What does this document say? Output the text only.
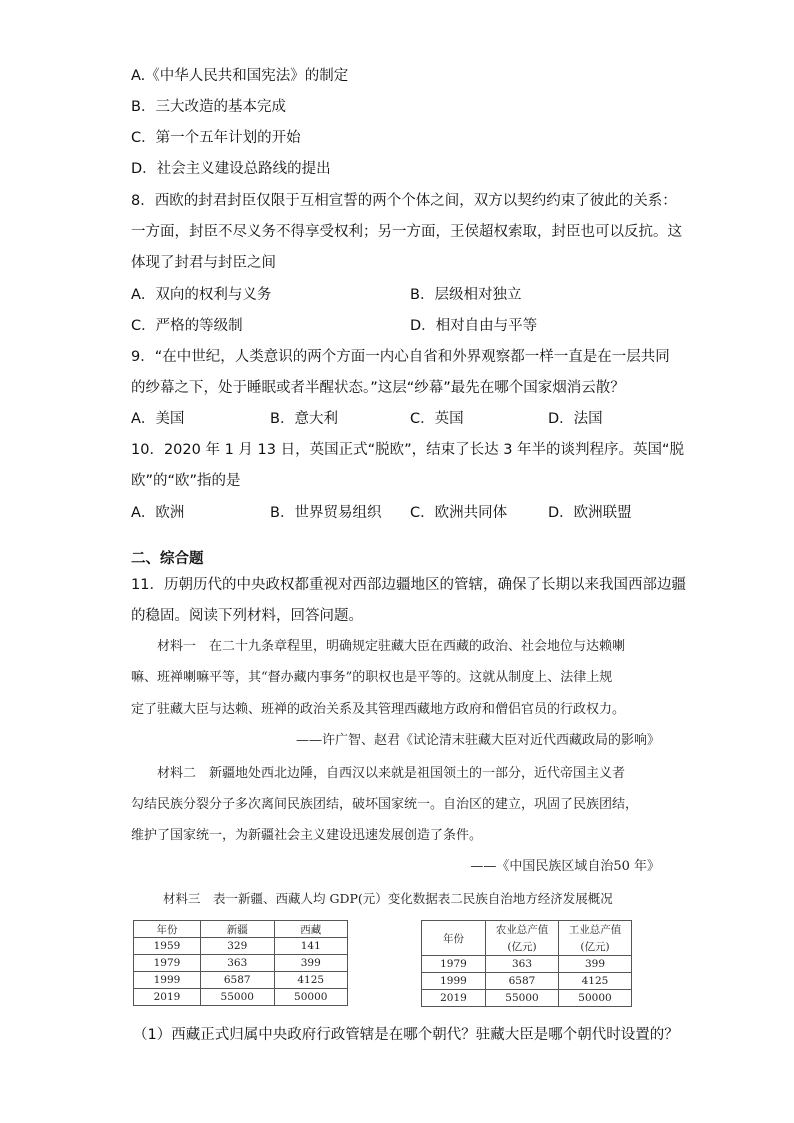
A.《中华人民共和国宪法》的制定
B．三大改造的基本完成
C．第一个五年计划的开始
D．社会主义建设总路线的提出
8．西欧的封君封臣仅限于互相宣誓的两个个体之间，双方以契约约束了彼此的关系：
一方面，封臣不尽义务不得享受权利；另一方面，王侯超权索取，封臣也可以反抗。这
体现了封君与封臣之间
A．双向的权利与义务	B．层级相对独立
C．严格的等级制	D．相对自由与平等
9．“在中世纪，人类意识的两个方面一内心自省和外界观察都一样一直是在一层共同
的纱幕之下，处于睡眠或者半醒状态。”这层“纱幕”最先在哪个国家烟消云散？
A．美国	B．意大利	C．英国	D．法国
10．2020 年 1 月 13 日，英国正式“脱欧”，结束了长达 3 年半的谈判程序。英国“脱
欧”的“欧”指的是
A．欧洲	B．世界贸易组织 C．欧洲共同体	D．欧洲联盟
二、综合题
11．历朝历代的中央政权都重视对西部边疆地区的管辖，确保了长期以来我国西部边疆
的稳固。阅读下列材料，回答问题。
　　材料一　在二十九条章程里，明确规定驻藏大臣在西藏的政治、社会地位与达赖喇
嘛、班禅喇嘛平等，其“督办藏内事务”的职权也是平等的。这就从制度上、法律上规
定了驻藏大臣与达赖、班禅的政治关系及其管理西藏地方政府和僧侣官员的行政权力。
——许广智、赵君《试论清末驻藏大臣对近代西藏政局的影响》
　　材料二　新疆地处西北边陲，自西汉以来就是祖国领土的一部分，近代帝国主义者
勾结民族分裂分子多次离间民族团结，破坏国家统一。自治区的建立，巩固了民族团结，
维护了国家统一，为新疆社会主义建设迅速发展创造了条件。
——《中国民族区域自治50 年》
材料三　表一新疆、西藏人均 GDP(元）变化数据表二民族自治地方经济发展概况
年份	新疆	西藏
1959	329	141
1979	363	399
1999	6587	4125
2019	55000	50000
年份	农业总产值	工业总产值
	(亿元)	(亿元)
1979	363	399
1999	6587	4125
2019	55000	50000
（1）西藏正式归属中央政府行政管辖是在哪个朝代？驻藏大臣是哪个朝代时设置的？
